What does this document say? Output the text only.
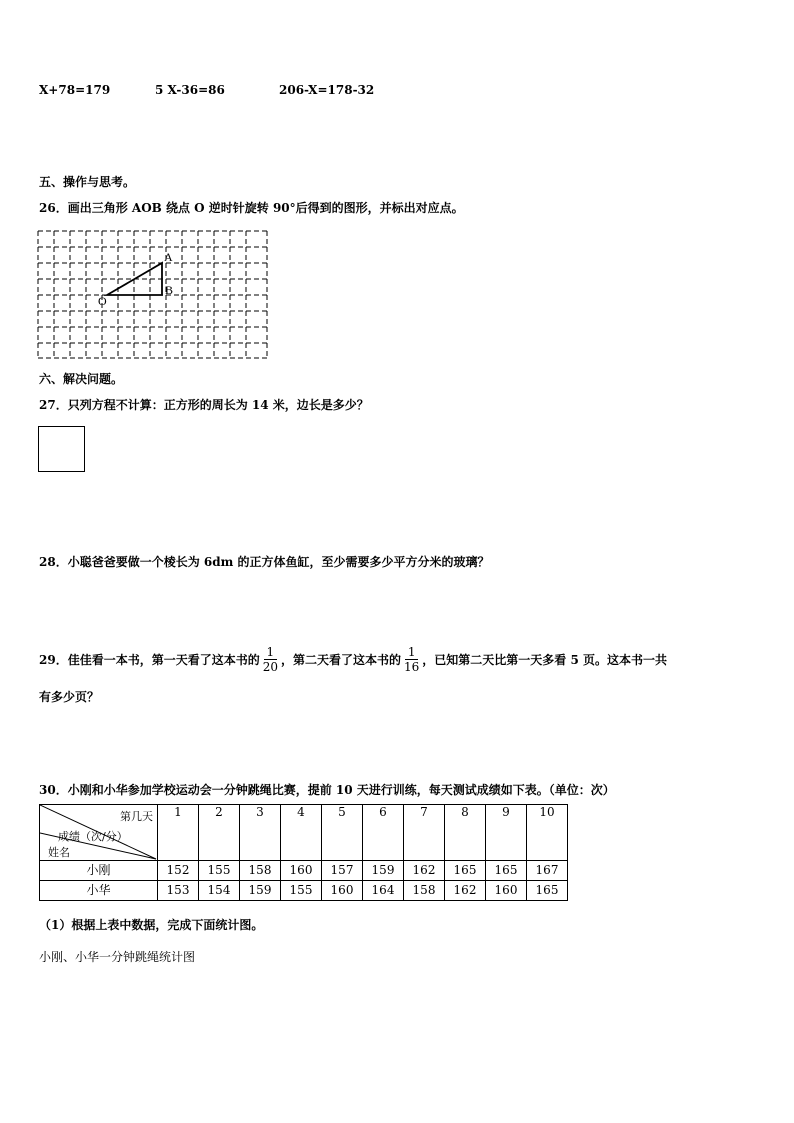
X+78=179	5 X-36=86	206-X=178-32
五、操作与思考。
26．画出三角形 AOB 绕点 O 逆时针旋转 90°后得到的图形，并标出对应点。
A
B
O
六、解决问题。
27．只列方程不计算：正方形的周长为 14 米，边长是多少？
28．小聪爸爸要做一个棱长为 6dm 的正方体鱼缸，至少需要多少平方分米的玻璃？
29．佳佳看一本书，第一天看了这本书的 $\frac{1}{20}$ ，第二天看了这本书的 $\frac{1}{16}$ ，已知第二天比第一天多看 5 页。这本书一共
有多少页？
30．小刚和小华参加学校运动会一分钟跳绳比赛，提前 10 天进行训练，每天测试成绩如下表。（单位：次）
第几天
成绩（次/分）
姓名	1	2	3	4	5	6	7	8	9	10
小刚	152	155	158	160	157	159	162	165	165	167
小华	153	154	159	155	160	164	158	162	160	165
（1）根据上表中数据，完成下面统计图。
小刚、小华一分钟跳绳统计图
